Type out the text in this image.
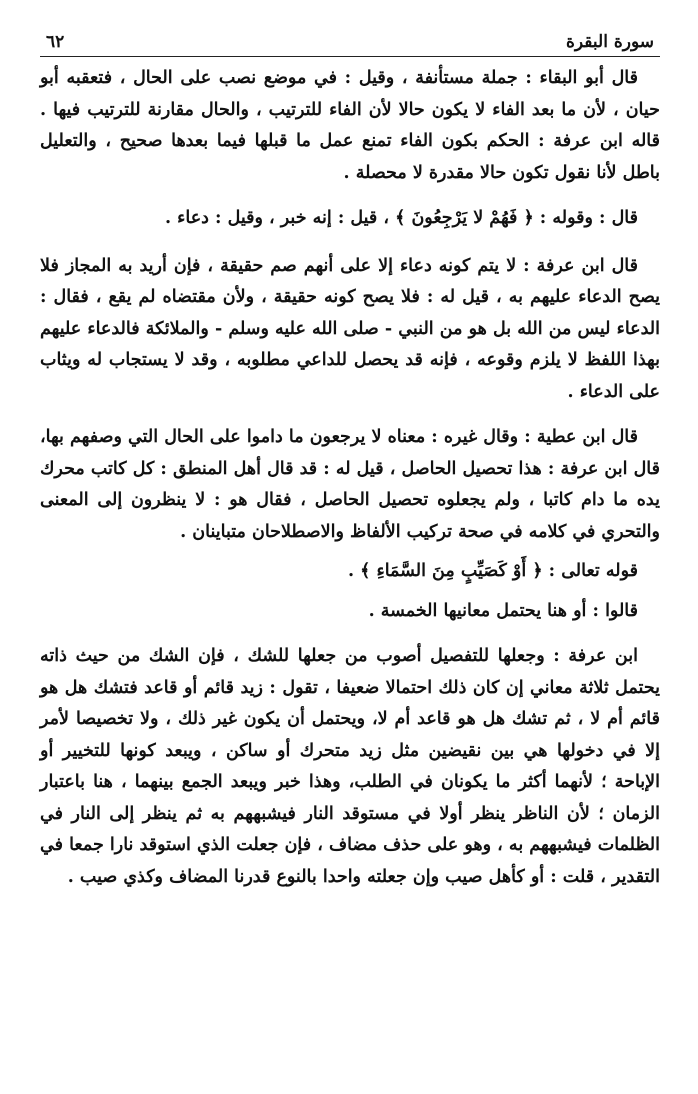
سورة البقرة
٦٢

قال أبو البقاء : جملة مستأنفة ، وقيل : في موضع نصب على الحال ، فتعقبه أبو حيان ، لأن ما بعد الفاء لا يكون حالا لأن الفاء للترتيب ، والحال مقارنة للترتيب فيها . قاله ابن عرفة : الحكم بكون الفاء تمنع عمل ما قبلها فيما بعدها صحيح ، والتعليل باطل لأنا نقول تكون حالا مقدرة لا محصلة .

قال : وقوله : ﴿ فَهُمْ لا يَرْجِعُونَ ﴾ ، قيل : إنه خبر ، وقيل : دعاء .

قال ابن عرفة : لا يتم كونه دعاء إلا على أنهم صم حقيقة ، فإن أريد به المجاز فلا يصح الدعاء عليهم به ، قيل له : فلا يصح كونه حقيقة ، ولأن مقتضاه لم يقع ، فقال : الدعاء ليس من الله بل هو من النبي - صلى الله عليه وسلم - والملائكة فالدعاء عليهم بهذا اللفظ لا يلزم وقوعه ، فإنه قد يحصل للداعي مطلوبه ، وقد لا يستجاب له ويثاب على الدعاء .

قال ابن عطية : وقال غيره : معناه لا يرجعون ما داموا على الحال التي وصفهم بها، قال ابن عرفة : هذا تحصيل الحاصل ، قيل له : قد قال أهل المنطق : كل كاتب محرك يده ما دام كاتبا ، ولم يجعلوه تحصيل الحاصل ، فقال هو : لا ينظرون إلى المعنى والتحري في كلامه في صحة تركيب الألفاظ والاصطلاحان متباينان .

قوله تعالى : ﴿ أَوْ كَصَيِّبٍ مِنَ السَّمَاءِ ﴾ .

قالوا : أو هنا يحتمل معانيها الخمسة .

ابن عرفة : وجعلها للتفصيل أصوب من جعلها للشك ، فإن الشك من حيث ذاته يحتمل ثلاثة معاني إن كان ذلك احتمالا ضعيفا ، تقول : زيد قائم أو قاعد فتشك هل هو قائم أم لا ، ثم تشك هل هو قاعد أم لا، ويحتمل أن يكون غير ذلك ، ولا تخصيصا لأمر إلا في دخولها هي بين نقيضين مثل زيد متحرك أو ساكن ، ويبعد كونها للتخيير أو الإباحة ؛ لأنهما أكثر ما يكونان في الطلب، وهذا خبر ويبعد الجمع بينهما ، هنا باعتبار الزمان ؛ لأن الناظر ينظر أولا في مستوقد النار فيشبههم به ثم ينظر إلى النار في الظلمات فيشبههم به ، وهو على حذف مضاف ، فإن جعلت الذي استوقد نارا جمعا في التقدير ، قلت : أو كأهل صيب وإن جعلته واحدا بالنوع قدرنا المضاف وكذي صيب .
